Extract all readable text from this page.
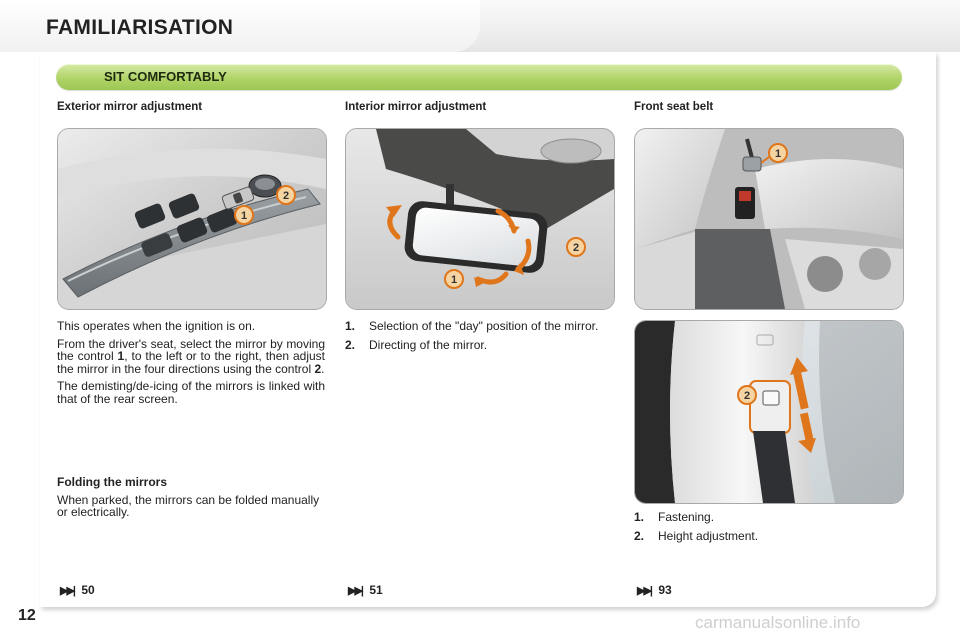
FAMILIARISATION
SIT COMFORTABLY
Exterior mirror adjustment	Interior mirror adjustment	Front seat belt
1
2
1
2
1
2

This operates when the ignition is on.

From the driver's seat, select the mirror by moving the control 1, to the left or to the right, then adjust the mirror in the four directions using the control 2.

The demisting/de-icing of the mirrors is linked with that of the rear screen.

Folding the mirrors

When parked, the mirrors can be folded manually or electrically.

1.	Selection of the "day" position of the mirror.
2.	Directing of the mirror.
1.	Fastening.
2.	Height adjustment.
▶▶| 50	▶▶| 51	▶▶| 93

12	carmanualsonline.info
